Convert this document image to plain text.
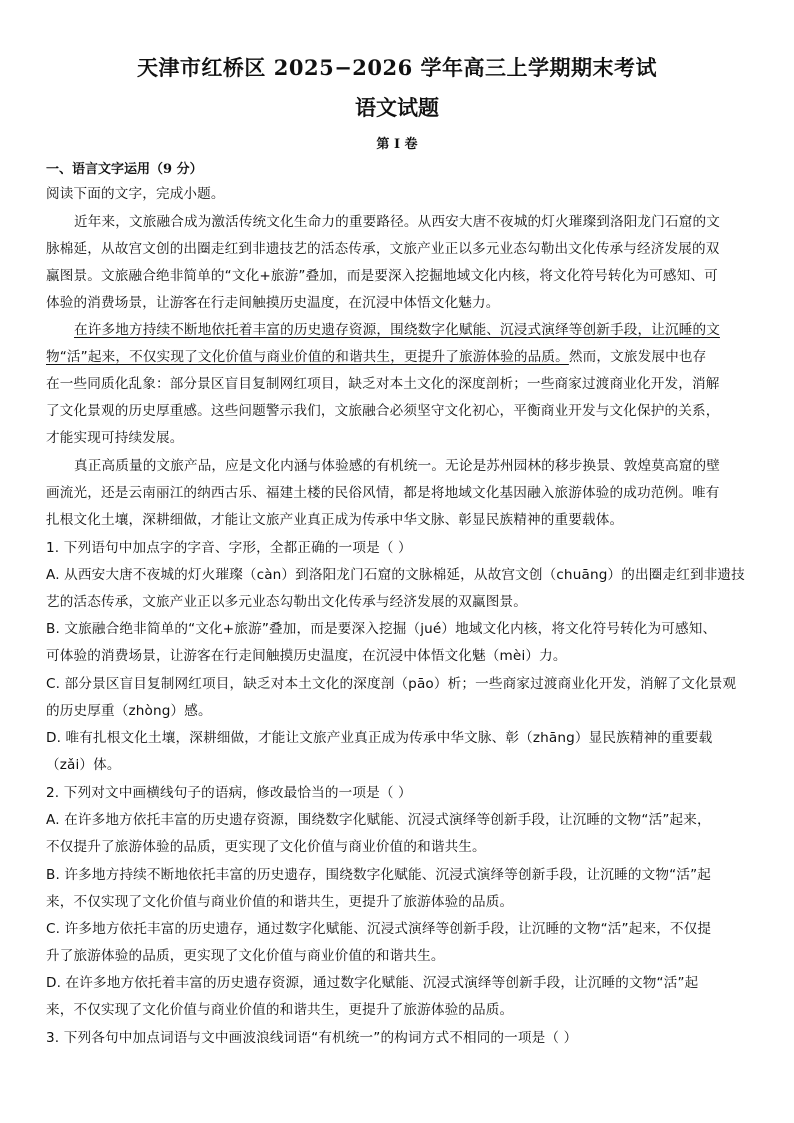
天津市红桥区 2025−2026 学年高三上学期期末考试
语文试题
第 I 卷
一、语言文字运用（9 分）
阅读下面的文字，完成小题。
近年来，文旅融合成为激活传统文化生命力的重要路径。从西安大唐不夜城的灯火璀璨到洛阳龙门石窟的文
脉棉延，从故宫文创的出圈走红到非遗技艺的活态传承，文旅产业正以多元业态勾勒出文化传承与经济发展的双
赢图景。文旅融合绝非简单的“文化+旅游”叠加，而是要深入挖掘地域文化内核，将文化符号转化为可感知、可
体验的消费场景，让游客在行走间触摸历史温度，在沉浸中体悟文化魅力。
在许多地方持续不断地依托着丰富的历史遗存资源，围绕数字化赋能、沉浸式演绎等创新手段，让沉睡的文
物“活”起来，不仅实现了文化价值与商业价值的和谐共生，更提升了旅游体验的品质。然而，文旅发展中也存
在一些同质化乱象：部分景区盲目复制网红项目，缺乏对本土文化的深度剖析；一些商家过渡商业化开发，消解
了文化景观的历史厚重感。这些问题警示我们，文旅融合必须坚守文化初心，平衡商业开发与文化保护的关系，
才能实现可持续发展。
真正高质量的文旅产品，应是文化内涵与体验感的有机统一。无论是苏州园林的移步换景、敦煌莫高窟的壁
画流光，还是云南丽江的纳西古乐、福建土楼的民俗风情，都是将地域文化基因融入旅游体验的成功范例。唯有
扎根文化土壤，深耕细做，才能让文旅产业真正成为传承中华文脉、彰显民族精神的重要载体。
1. 下列语句中加点字的字音、字形，全都正确的一项是（ ）
A. 从西安大唐不夜城的灯火璀璨（càn）到洛阳龙门石窟的文脉棉延，从故宫文创（chuāng）的出圈走红到非遗技
艺的活态传承，文旅产业正以多元业态勾勒出文化传承与经济发展的双赢图景。
B. 文旅融合绝非简单的“文化+旅游”叠加，而是要深入挖掘（jué）地域文化内核，将文化符号转化为可感知、
可体验的消费场景，让游客在行走间触摸历史温度，在沉浸中体悟文化魅（mèi）力。
C. 部分景区盲目复制网红项目，缺乏对本土文化的深度剖（pāo）析；一些商家过渡商业化开发，消解了文化景观
的历史厚重（zhòng）感。
D. 唯有扎根文化土壤，深耕细做，才能让文旅产业真正成为传承中华文脉、彰（zhāng）显民族精神的重要载
（zǎi）体。
2. 下列对文中画横线句子的语病，修改最恰当的一项是（ ）
A. 在许多地方依托丰富的历史遗存资源，围绕数字化赋能、沉浸式演绎等创新手段，让沉睡的文物“活”起来，
不仅提升了旅游体验的品质，更实现了文化价值与商业价值的和谐共生。
B. 许多地方持续不断地依托丰富的历史遗存，围绕数字化赋能、沉浸式演绎等创新手段，让沉睡的文物“活”起
来，不仅实现了文化价值与商业价值的和谐共生，更提升了旅游体验的品质。
C. 许多地方依托丰富的历史遗存，通过数字化赋能、沉浸式演绎等创新手段，让沉睡的文物“活”起来，不仅提
升了旅游体验的品质，更实现了文化价值与商业价值的和谐共生。
D. 在许多地方依托着丰富的历史遗存资源，通过数字化赋能、沉浸式演绎等创新手段，让沉睡的文物“活”起
来，不仅实现了文化价值与商业价值的和谐共生，更提升了旅游体验的品质。
3. 下列各句中加点词语与文中画波浪线词语“有机统一”的构词方式不相同的一项是（ ）
